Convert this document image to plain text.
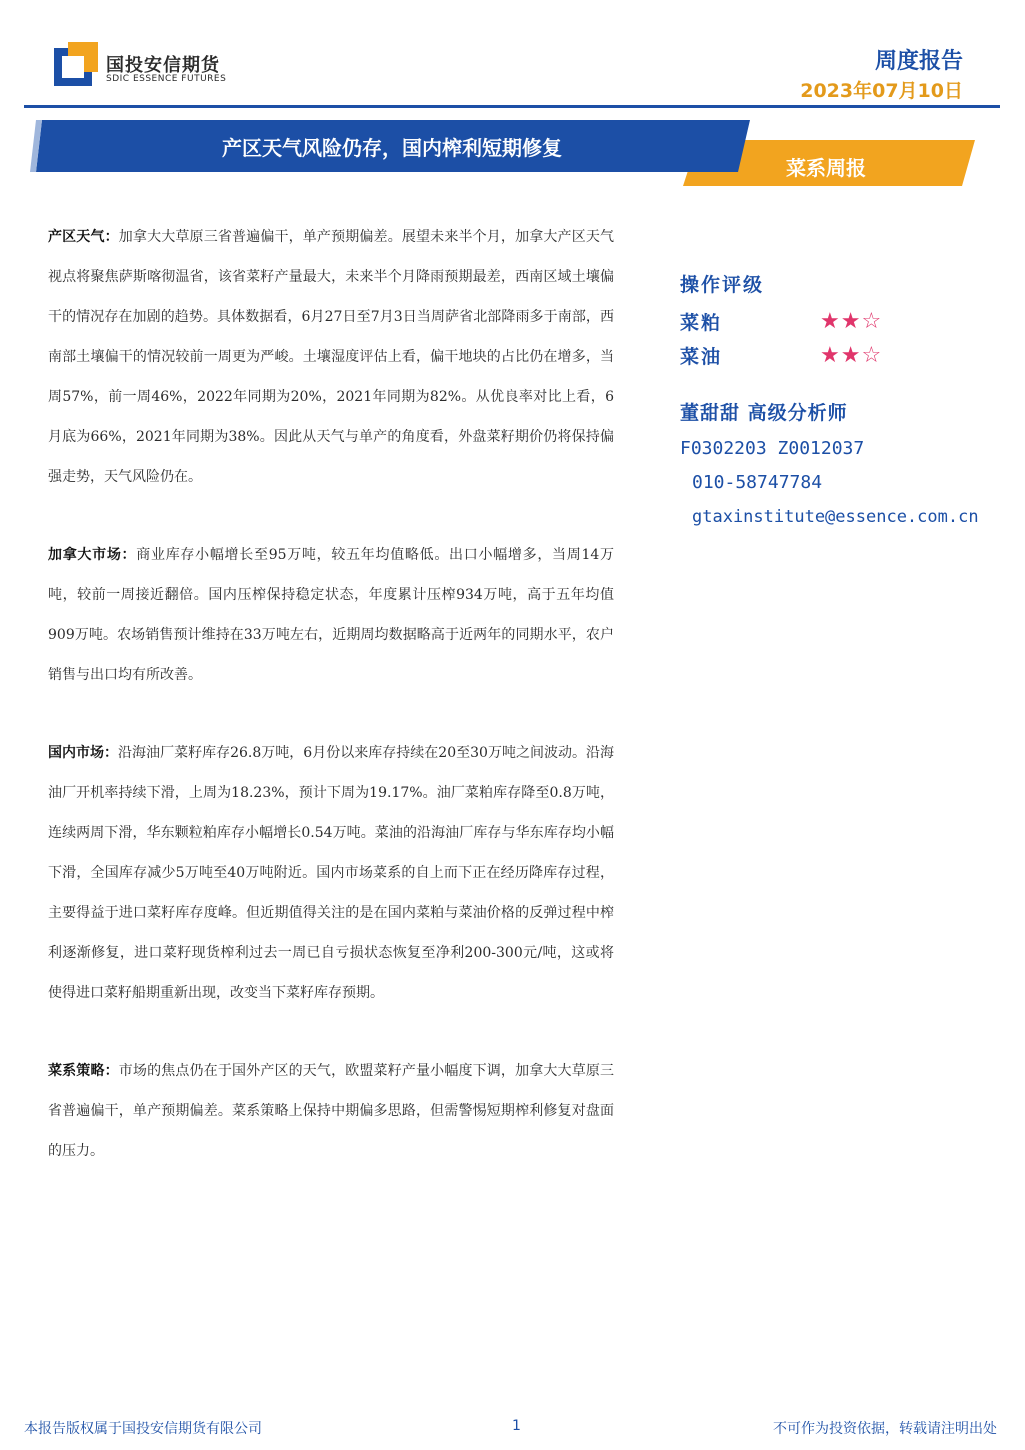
国投安信期货
SDIC ESSENCE FUTURES
周度报告
2023年07月10日
菜系周报
产区天气风险仍存，国内榨利短期修复

产区天气：加拿大大草原三省普遍偏干，单产预期偏差。展望未来半个月，加拿大产区天气视点将聚焦萨斯喀彻温省，该省菜籽产量最大，未来半个月降雨预期最差，西南区域土壤偏干的情况存在加剧的趋势。具体数据看，6月27日至7月3日当周萨省北部降雨多于南部，西南部土壤偏干的情况较前一周更为严峻。土壤湿度评估上看，偏干地块的占比仍在增多，当周57%，前一周46%，2022年同期为20%，2021年同期为82%。从优良率对比上看，6月底为66%，2021年同期为38%。因此从天气与单产的角度看，外盘菜籽期价仍将保持偏强走势，天气风险仍在。

加拿大市场：商业库存小幅增长至95万吨，较五年均值略低。出口小幅增多，当周14万吨，较前一周接近翻倍。国内压榨保持稳定状态，年度累计压榨934万吨，高于五年均值909万吨。农场销售预计维持在33万吨左右，近期周均数据略高于近两年的同期水平，农户销售与出口均有所改善。

国内市场：沿海油厂菜籽库存26.8万吨，6月份以来库存持续在20至30万吨之间波动。沿海油厂开机率持续下滑，上周为18.23%，预计下周为19.17%。油厂菜粕库存降至0.8万吨，连续两周下滑，华东颗粒粕库存小幅增长0.54万吨。菜油的沿海油厂库存与华东库存均小幅下滑，全国库存减少5万吨至40万吨附近。国内市场菜系的自上而下正在经历降库存过程，主要得益于进口菜籽库存度峰。但近期值得关注的是在国内菜粕与菜油价格的反弹过程中榨利逐渐修复，进口菜籽现货榨利过去一周已自亏损状态恢复至净利200-300元/吨，这或将使得进口菜籽船期重新出现，改变当下菜籽库存预期。

菜系策略：市场的焦点仍在于国外产区的天气，欧盟菜籽产量小幅度下调，加拿大大草原三省普遍偏干，单产预期偏差。菜系策略上保持中期偏多思路，但需警惕短期榨利修复对盘面的压力。

操作评级
菜粕	★★☆
菜油	★★☆
董甜甜 高级分析师
F0302203 Z0012037
010-58747784
gtaxinstitute@essence.com.cn
本报告版权属于国投安信期货有限公司	1	不可作为投资依据，转载请注明出处
